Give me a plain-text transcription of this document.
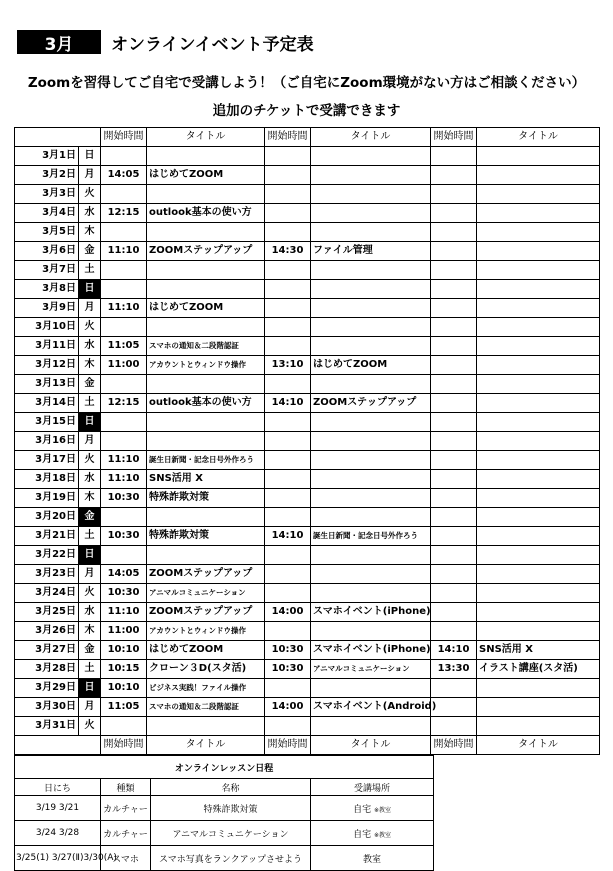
3月	オンラインイベント予定表
Zoomを習得してご自宅で受講しよう！（ご自宅にZoom環境がない方はご相談ください）
追加のチケットで受講できます
		開始時間	タイトル	開始時間	タイトル	開始時間	タイトル
3月1日	日						
3月2日	月	14:05	はじめてZOOM				
3月3日	火						
3月4日	水	12:15	outlook基本の使い方				
3月5日	木						
3月6日	金	11:10	ZOOMステップアップ	14:30	ファイル管理		
3月7日	土						
3月8日	日						
3月9日	月	11:10	はじめてZOOM				
3月10日	火						
3月11日	水	11:05	スマホの通知＆二段階認証				
3月12日	木	11:00	アカウントとウィンドウ操作	13:10	はじめてZOOM		
3月13日	金						
3月14日	土	12:15	outlook基本の使い方	14:10	ZOOMステップアップ		
3月15日	日						
3月16日	月						
3月17日	火	11:10	誕生日新聞・記念日号外作ろう				
3月18日	水	11:10	SNS活用 X				
3月19日	木	10:30	特殊詐欺対策				
3月20日	金						
3月21日	土	10:30	特殊詐欺対策	14:10	誕生日新聞・記念日号外作ろう		
3月22日	日						
3月23日	月	14:05	ZOOMステップアップ				
3月24日	火	10:30	アニマルコミュニケーション				
3月25日	水	11:10	ZOOMステップアップ	14:00	スマホイベント(iPhone)		
3月26日	木	11:00	アカウントとウィンドウ操作				
3月27日	金	10:10	はじめてZOOM	10:30	スマホイベント(iPhone)	14:10	SNS活用 X
3月28日	土	10:15	クローン３D(スタ活)	10:30	アニマルコミュニケーション	13:30	イラスト講座(スタ活)
3月29日	日	10:10	ビジネス実践！ファイル操作				
3月30日	月	11:05	スマホの通知＆二段階認証	14:00	スマホイベント(Android)		
3月31日	火						
		開始時間	タイトル	開始時間	タイトル	開始時間	タイトル
オンラインレッスン日程			
日にち	種類	名称	受講場所
3/19 3/21	カルチャー	特殊詐欺対策	自宅 ※教室
3/24 3/28	カルチャー	アニマルコミュニケーション	自宅 ※教室
3/25(1) 3/27(Ⅱ)3/30(A)	スマホ	スマホ写真をランクアップさせよう	教室
